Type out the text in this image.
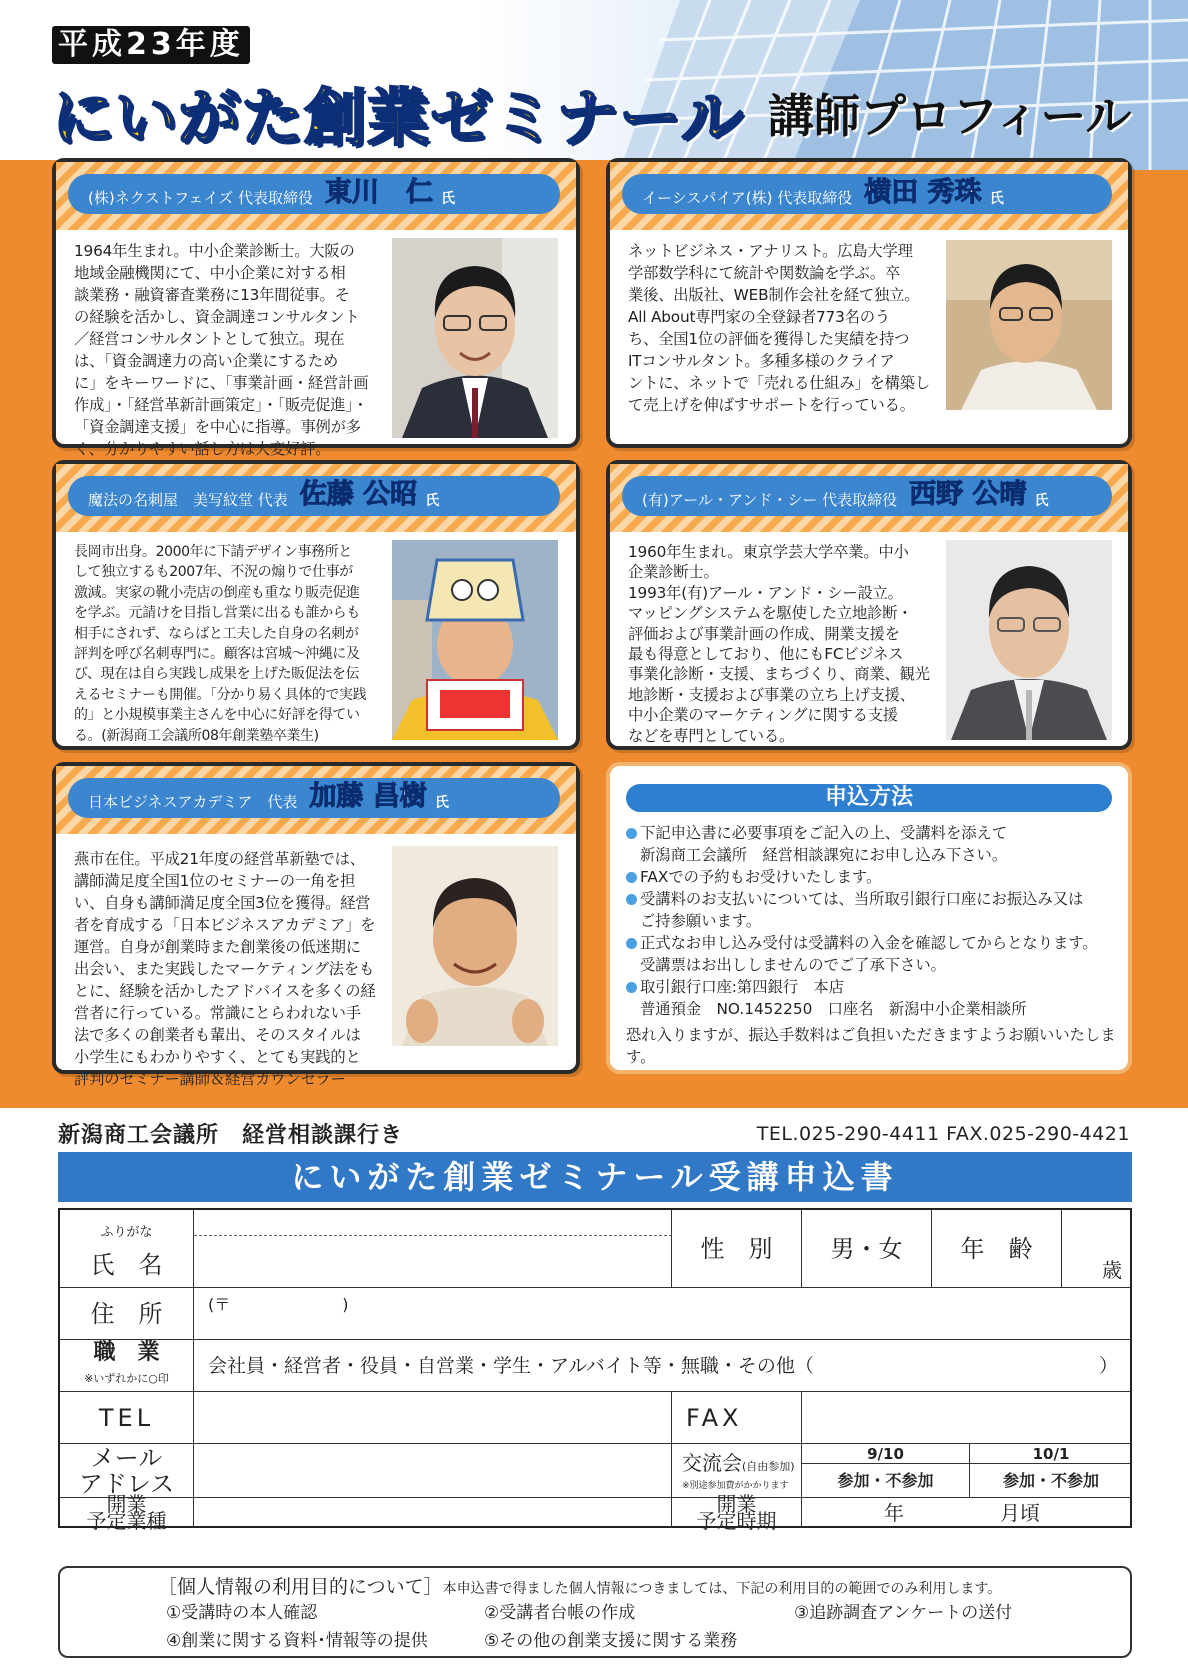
平成23年度
にいがた創業ゼミナール 講師プロフィール
(株)ネクストフェイズ 代表取締役 東川　仁 氏
1964年生まれ。中小企業診断士。大阪の
地域金融機関にて、中小企業に対する相
談業務・融資審査業務に13年間従事。そ
の経験を活かし、資金調達コンサルタント
／経営コンサルタントとして独立。現在
は、「資金調達力の高い企業にするため
に」をキーワードに、「事業計画・経営計画
作成」・「経営革新計画策定」・「販売促進」・
「資金調達支援」を中心に指導。事例が多
く、分かりやすい話し方は大変好評。
イーシスパイア(株) 代表取締役 横田 秀珠 氏
ネットビジネス・アナリスト。広島大学理
学部数学科にて統計や関数論を学ぶ。卒
業後、出版社、WEB制作会社を経て独立。
All About専門家の全登録者773名のう
ち、全国1位の評価を獲得した実績を持つ
ITコンサルタント。多種多様のクライア
ントに、ネットで「売れる仕組み」を構築し
て売上げを伸ばすサポートを行っている。
魔法の名刺屋　美写紋堂 代表 佐藤 公昭 氏
長岡市出身。2000年に下請デザイン事務所と
して独立するも2007年、不況の煽りで仕事が
激減。実家の靴小売店の倒産も重なり販売促進
を学ぶ。元請けを目指し営業に出るも誰からも
相手にされず、ならばと工夫した自身の名刺が
評判を呼び名刺専門に。顧客は宮城～沖縄に及
び、現在は自ら実践し成果を上げた販促法を伝
えるセミナーも開催。「分かり易く具体的で実践
的」と小規模事業主さんを中心に好評を得てい
る。(新潟商工会議所08年創業塾卒業生)
(有)アール・アンド・シー 代表取締役 西野 公晴 氏
1960年生まれ。東京学芸大学卒業。中小
企業診断士。
1993年(有)アール・アンド・シー設立。
マッピングシステムを駆使した立地診断・
評価および事業計画の作成、開業支援を
最も得意としており、他にもFCビジネス
事業化診断・支援、まちづくり、商業、観光
地診断・支援および事業の立ち上げ支援、
中小企業のマーケティングに関する支援
などを専門としている。
日本ビジネスアカデミア　代表 加藤 昌樹 氏
燕市在住。平成21年度の経営革新塾では、
講師満足度全国1位のセミナーの一角を担
い、自身も講師満足度全国3位を獲得。経営
者を育成する「日本ビジネスアカデミア」を
運営。自身が創業時また創業後の低迷期に
出会い、また実践したマーケティング法をも
とに、経験を活かしたアドバイスを多くの経
営者に行っている。常識にとらわれない手
法で多くの創業者も輩出、そのスタイルは
小学生にもわかりやすく、とても実践的と
評判のセミナー講師＆経営カウンセラー
申込方法
下記申込書に必要事項をご記入の上、受講料を添えて
新潟商工会議所　経営相談課宛にお申し込み下さい。
FAXでの予約もお受けいたします。
受講料のお支払いについては、当所取引銀行口座にお振込み又は
ご持参願います。
正式なお申し込み受付は受講料の入金を確認してからとなります。
受講票はお出ししませんのでご了承下さい。
取引銀行口座:第四銀行　本店
普通預金　NO.1452250　口座名　新潟中小企業相談所
恐れ入りますが、振込手数料はご負担いただきますようお願いいたします。
新潟商工会議所　経営相談課行き	TEL.025-290-4411 FAX.025-290-4421
にいがた創業ゼミナール受講申込書
ふりがな
氏　名
性　別	男・女	年　齢
歳
住　所	(〒　　　　　　　)
職　業
※いずれかに○印
会社員・経営者・役員・自営業・学生・アルバイト等・無職・その他（	）
TEL	FAX
メール
アドレス
交流会(自由参加)
※別途参加費がかかります
9/10	10/1
参加・不参加	参加・不参加
開業
予定業種
開業
予定時期	年	月頃
［個人情報の利用目的について］本申込書で得ました個人情報につきましては、下記の利用目的の範囲でのみ利用します。
①受講時の本人確認	②受講者台帳の作成	③追跡調査アンケートの送付
④創業に関する資料･情報等の提供	⑤その他の創業支援に関する業務
